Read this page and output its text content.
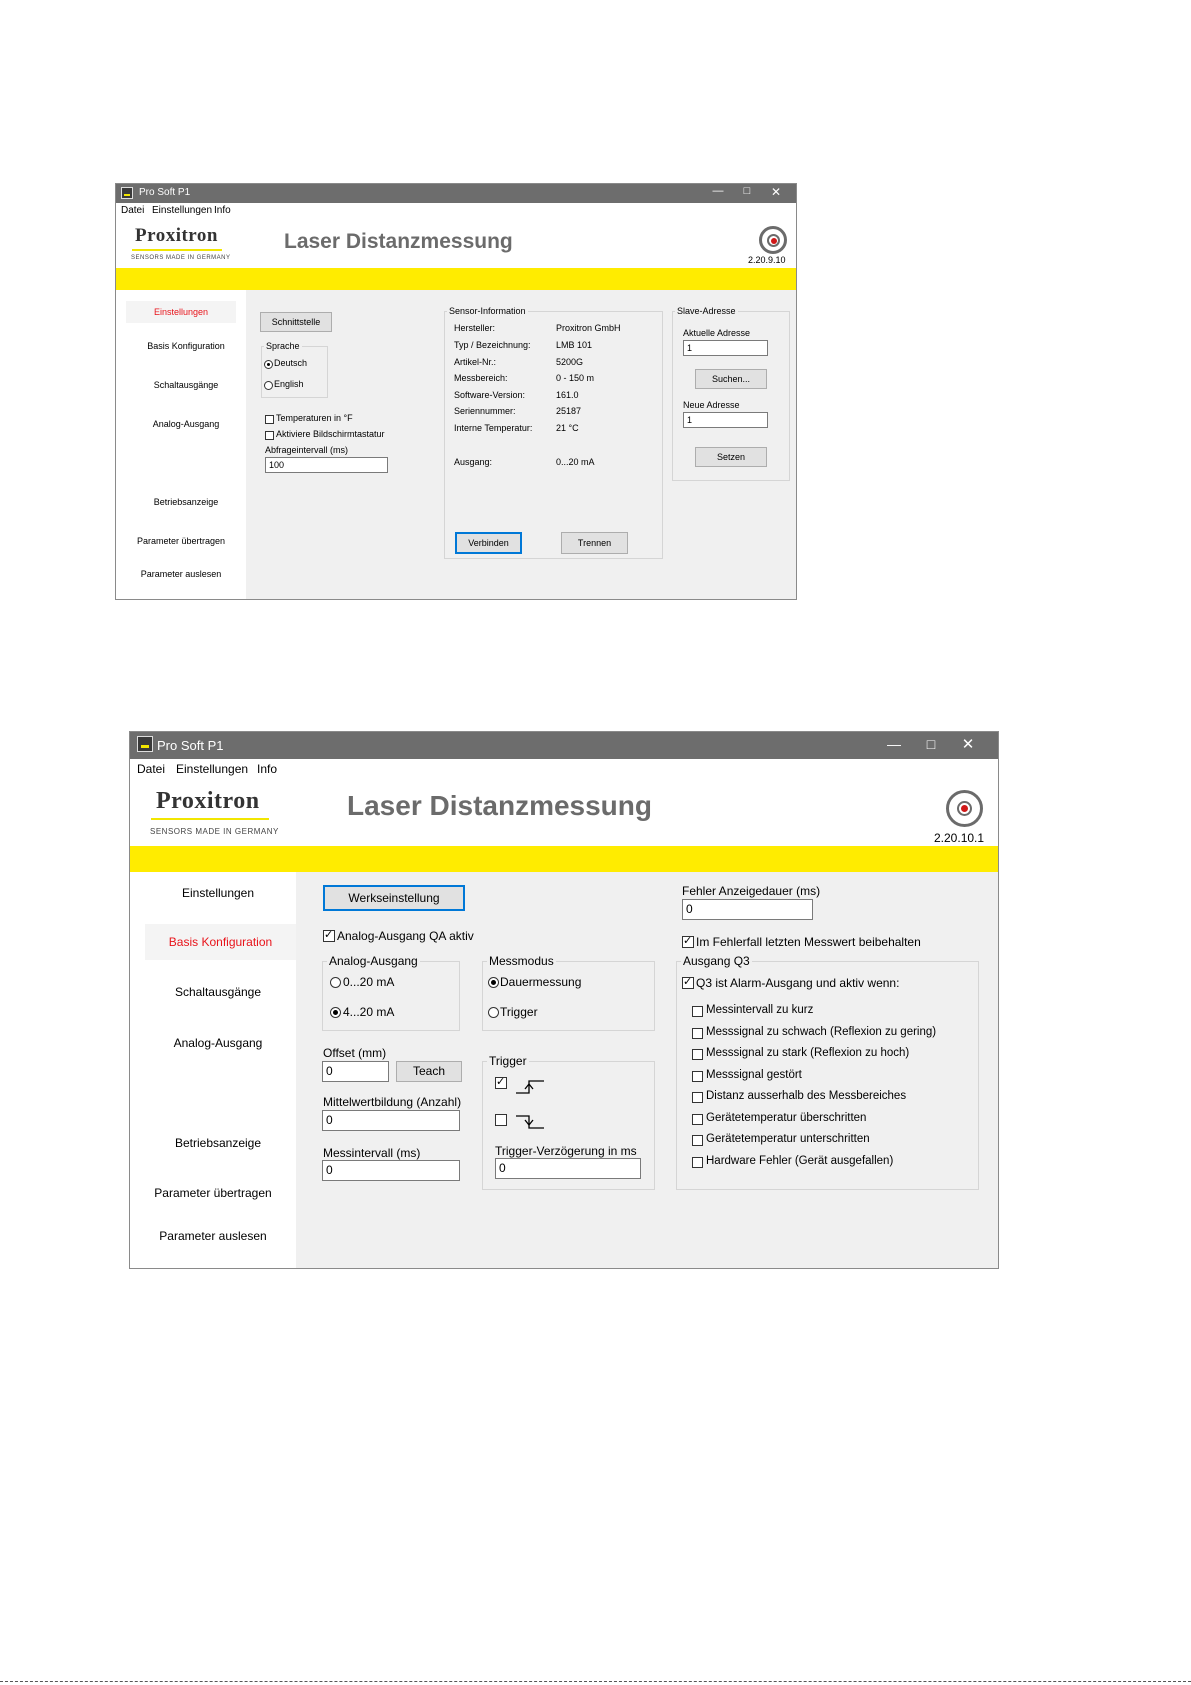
Pro Soft P1	—	□	✕
Datei Einstellungen Info
Proxitron
SENSORS MADE IN GERMANY
Laser Distanzmessung
2.20.9.10
Einstellungen
Basis Konfiguration
Schaltausgänge
Analog-Ausgang
Betriebsanzeige
Parameter übertragen
Parameter auslesen
Schnittstelle
Sprache
Deutsch
English
Temperaturen in °F
Aktiviere Bildschirmtastatur
Abfrageintervall (ms)
100
Sensor-Information
Hersteller:	Proxitron GmbH
Typ / Bezeichnung:	LMB 101
Artikel-Nr.:	5200G
Messbereich:	0 - 150 m
Software-Version:	161.0
Seriennummer:	25187
Interne Temperatur:	21 °C
Ausgang:	0...20 mA
Verbinden	Trennen
Slave-Adresse
Aktuelle Adresse
1
Suchen...
Neue Adresse
1
Setzen
Pro Soft P1	—	□	✕
Datei Einstellungen Info
Proxitron
SENSORS MADE IN GERMANY
Laser Distanzmessung
2.20.10.1
Einstellungen
Basis Konfiguration
Schaltausgänge
Analog-Ausgang
Betriebsanzeige
Parameter übertragen
Parameter auslesen
Werkseinstellung
✓
Analog-Ausgang QA aktiv
Analog-Ausgang
0...20 mA
4...20 mA
Messmodus
Dauermessung
Trigger
Offset (mm)
0	Teach
Mittelwertbildung (Anzahl)
0
Messintervall (ms)
0
Trigger
✓
Trigger-Verzögerung in ms
0
Fehler Anzeigedauer (ms)
0
✓
Im Fehlerfall letzten Messwert beibehalten
Ausgang Q3
✓
Q3 ist Alarm-Ausgang und aktiv wenn:
Messintervall zu kurz
Messsignal zu schwach (Reflexion zu gering)
Messsignal zu stark (Reflexion zu hoch)
Messsignal gestört
Distanz ausserhalb des Messbereiches
Gerätetemperatur überschritten
Gerätetemperatur unterschritten
Hardware Fehler (Gerät ausgefallen)
